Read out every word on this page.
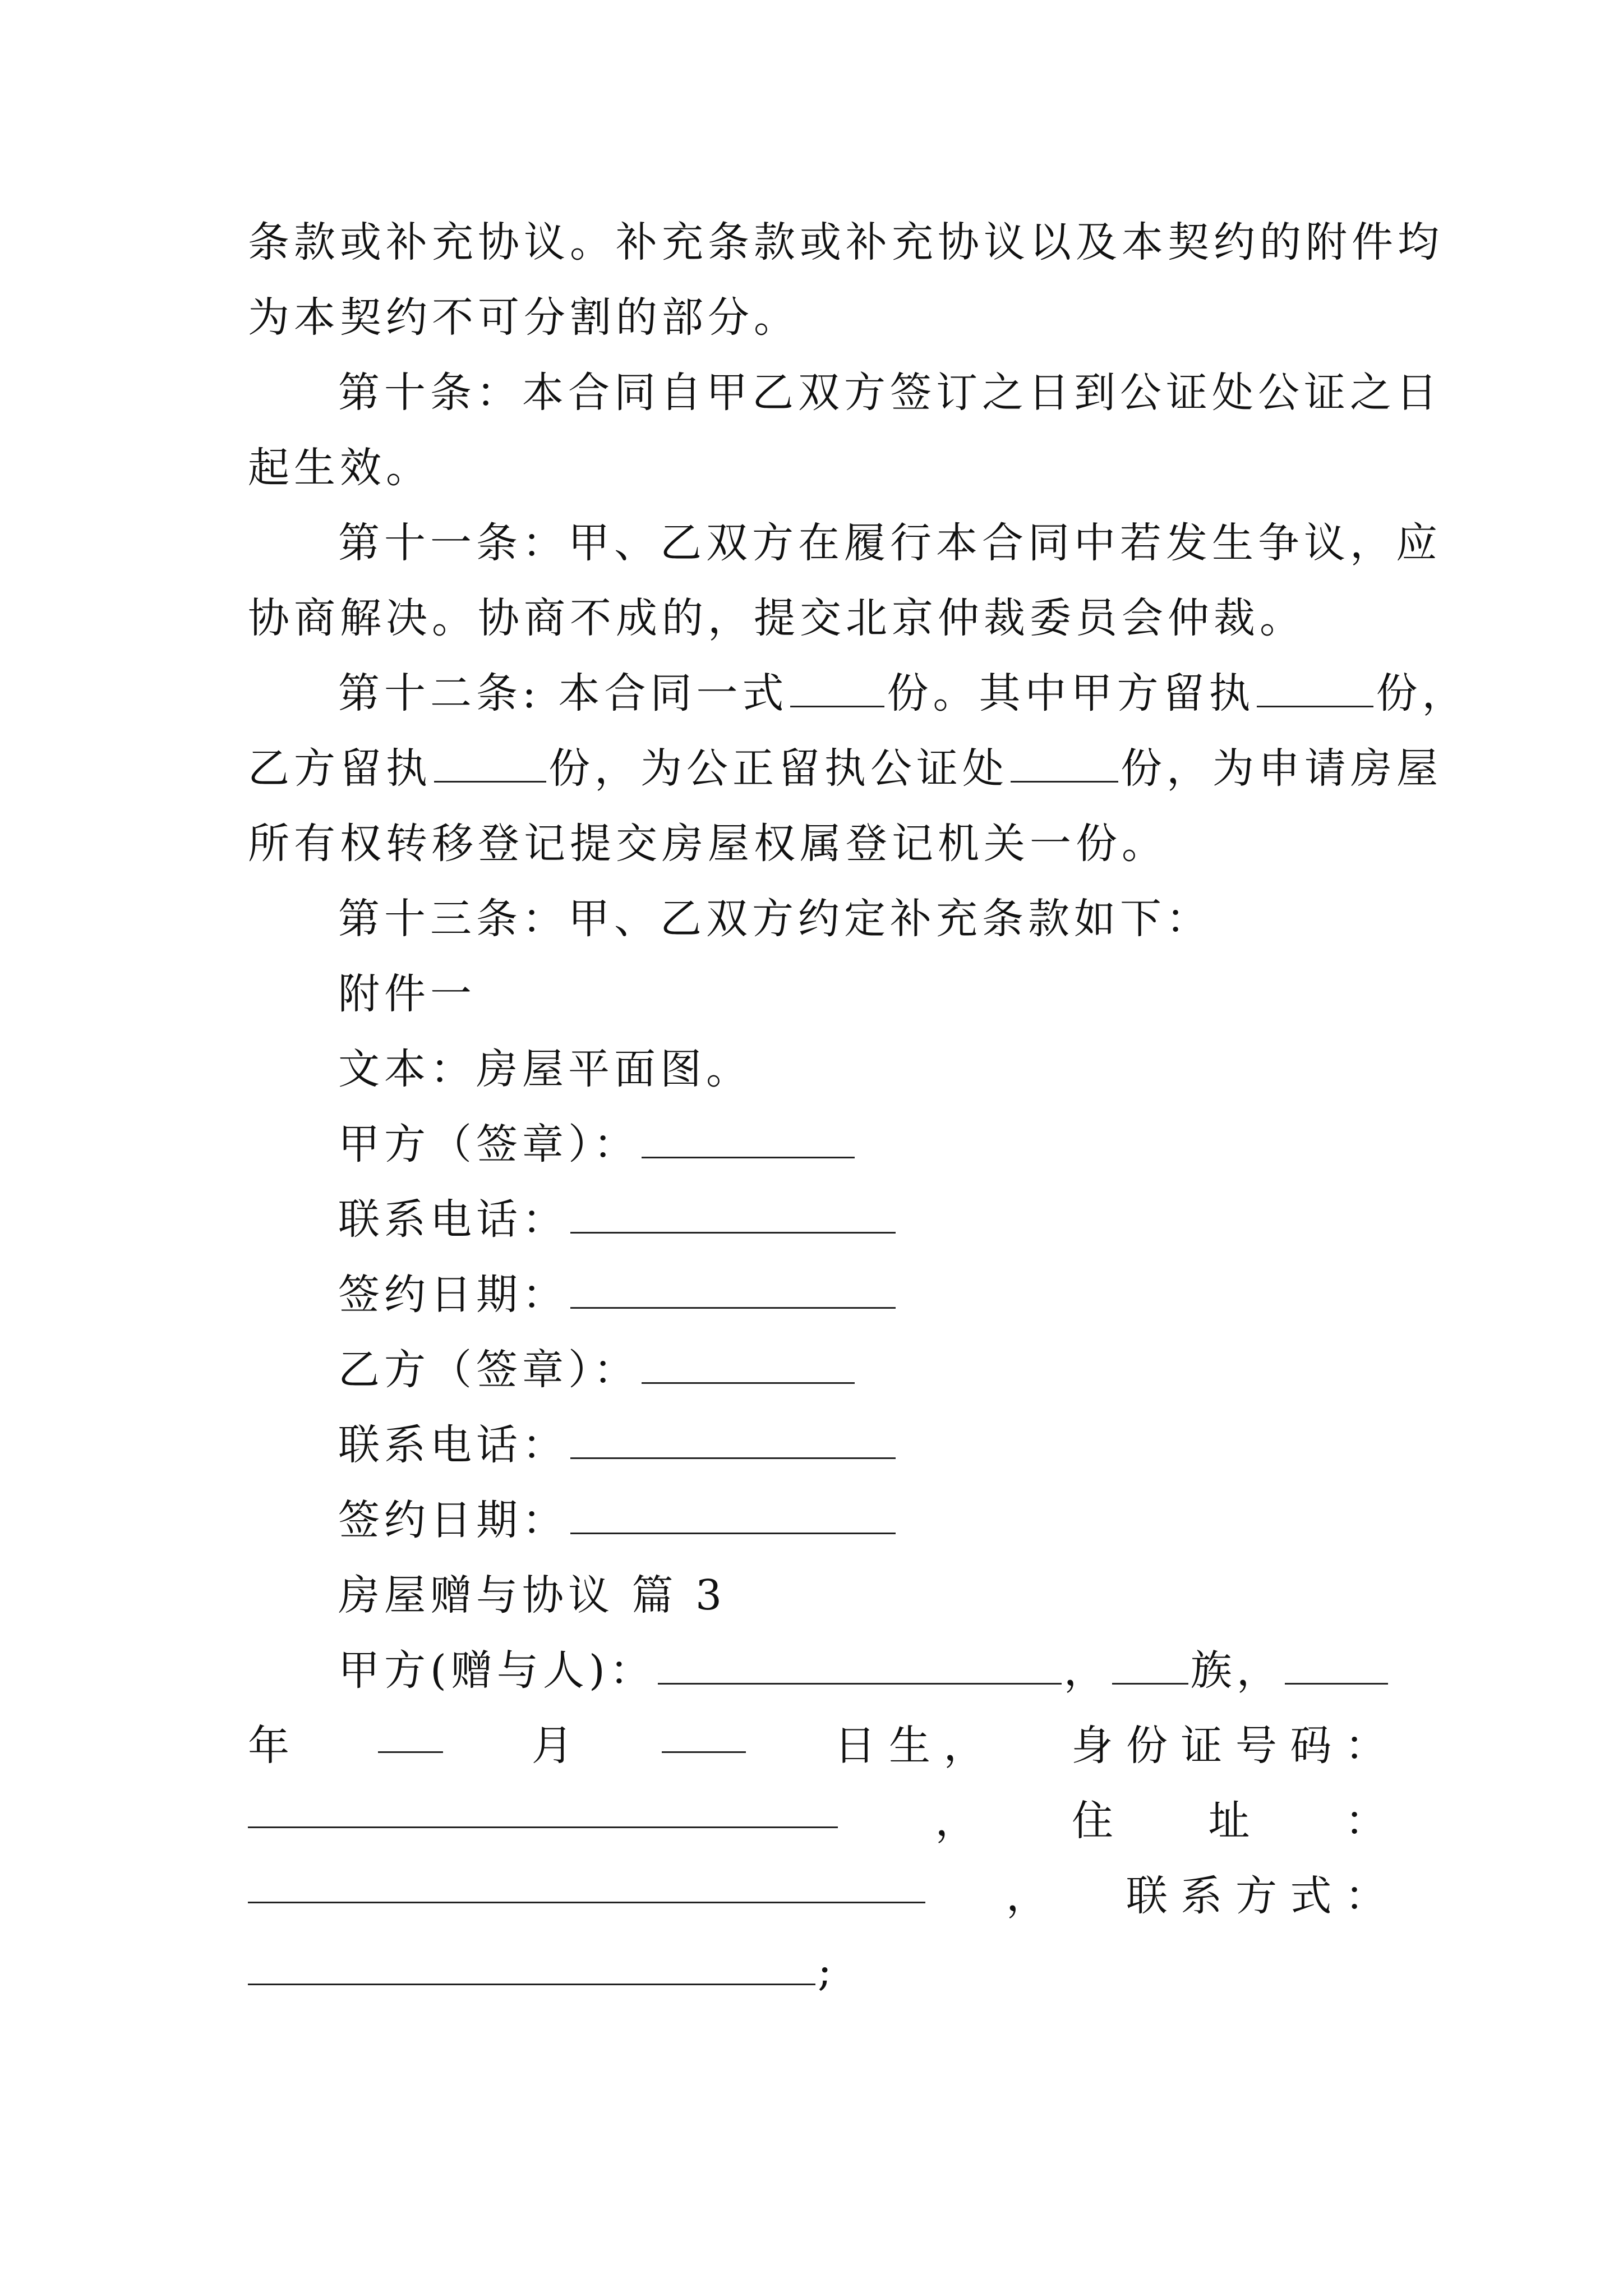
条款或补充协议。补充条款或补充协议以及本契约的附件均
为本契约不可分割的部分。
第十条：本合同自甲乙双方签订之日到公证处公证之日
起生效。
第十一条：甲、乙双方在履行本合同中若发生争议，应
协商解决。协商不成的，提交北京仲裁委员会仲裁。
第十二条: 本合同一式 份。其中甲方留执	份，
乙方留执	份，为公正留执公证处	份，为申请房屋
所有权转移登记提交房屋权属登记机关一份。
第十三条：甲、乙双方约定补充条款如下：
附件一
文本：房屋平面图。
甲方（签章）：
联系电话：
签约日期：
乙方（签章）：
联系电话：
签约日期：
房屋赠与协议 篇 3
甲方(赠与人)：	， 族，
年	月	日 生 ， 身 份 证 号 码 ：
， 住 址 ：
， 联 系 方 式 ：
;
